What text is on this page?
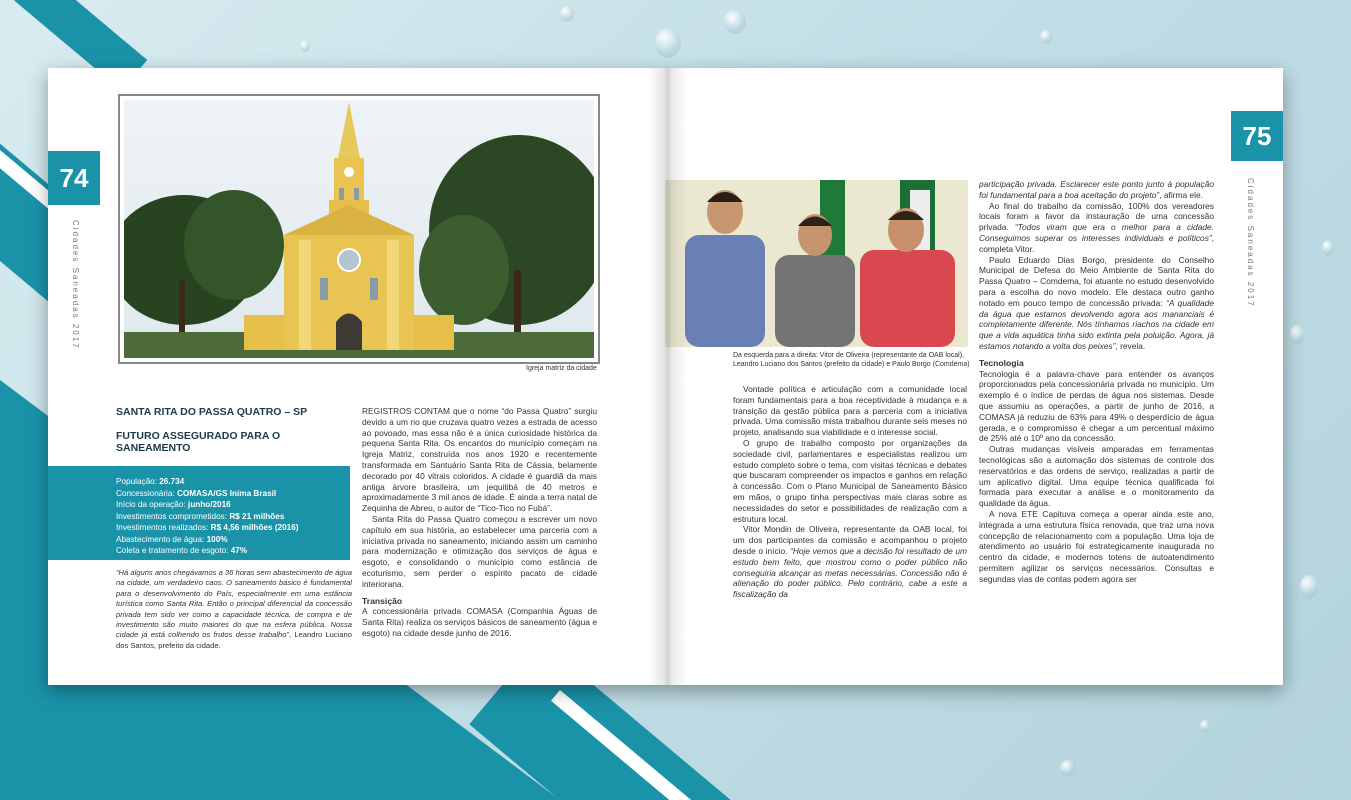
74
Cidades Saneadas 2017
Igreja matriz da cidade
SANTA RITA DO PASSA QUATRO – SP
FUTURO ASSEGURADO PARA O SANEAMENTO
População: 26.734
Concessionária: COMASA/GS Inima Brasil
Início da operação: junho/2016
Investimentos comprometidos: R$ 21 milhões
Investimentos realizados: R$ 4,56 milhões (2016)
Abastecimento de água: 100%
Coleta e tratamento de esgoto: 47%
“Há alguns anos chegávamos a 36 horas sem abastecimento de água na cidade, um verdadeiro caos. O saneamento básico é fundamental para o desenvolvimento do País, especialmente em uma estância turística como Santa Rita. Então o principal diferencial da concessão privada tem sido ver como a capacidade técnica, de compra e de investimento são muito maiores do que na esfera pública. Nossa cidade já está colhendo os frutos desse trabalho”, Leandro Luciano dos Santos, prefeito da cidade.

REGISTROS CONTAM que o nome “do Passa Quatro” surgiu devido a um rio que cruzava quatro vezes a estrada de acesso ao povoado, mas essa não é a única curiosidade histórica da pequena Santa Rita. Os encantos do município começam na Igreja Matriz, construída nos anos 1920 e recentemente transformada em Santuário Santa Rita de Cássia, belamente decorado por 40 vitrais coloridos. A cidade é guardiã da mais antiga árvore brasileira, um jequitibá de 40 metros e aproximadamente 3 mil anos de idade. É ainda a terra natal de Zequinha de Abreu, o autor de “Tico-Tico no Fubá”.

Santa Rita do Passa Quatro começou a escrever um novo capítulo em sua história, ao estabelecer uma parceria com a iniciativa privada no saneamento, iniciando assim um caminho para modernização e otimização dos serviços de água e esgoto, e consolidando o município como estância de ecoturismo, sem perder o espírito pacato de cidade interiorana.

Transição

A concessionária privada COMASA (Companhia Águas de Santa Rita) realiza os serviços básicos de saneamento (água e esgoto) na cidade desde junho de 2016.

75
Cidades Saneadas 2017
Da esquerda para a direita: Vitor de Oliveira (representante da OAB local),
Leandro Luciano dos Santos (prefeito da cidade) e Paulo Borgo (Comdema)

Vontade política e articulação com a comunidade local foram fundamentais para a boa receptividade à mudança e a transição da gestão pública para a parceria com a iniciativa privada. Uma comissão mista trabalhou durante seis meses no projeto, analisando sua viabilidade e o interesse social.

O grupo de trabalho composto por organizações da sociedade civil, parlamentares e especialistas realizou um estudo completo sobre o tema, com visitas técnicas e debates que buscaram compreender os impactos e ganhos em relação à concessão. Com o Plano Municipal de Saneamento Básico em mãos, o grupo tinha perspectivas mais claras sobre as necessidades do setor e possibilidades de realização com a estrutura local.

Vitor Mondin de Oliveira, representante da OAB local, foi um dos participantes da comissão e acompanhou o projeto desde o início. “Hoje vemos que a decisão foi resultado de um estudo bem feito, que mostrou como o poder público não conseguiria alcançar as metas necessárias. Concessão não é alienação do poder público. Pelo contrário, cabe a este a fiscalização da

participação privada. Esclarecer este ponto junto à população foi fundamental para a boa aceitação do projeto”, afirma ele.

Ao final do trabalho da comissão, 100% dos vereadores locais foram a favor da instauração de uma concessão privada. “Todos viram que era o melhor para a cidade. Conseguimos superar os interesses individuais e políticos”, completa Vitor.

Paulo Eduardo Dias Borgo, presidente do Conselho Municipal de Defesa do Meio Ambiente de Santa Rita do Passa Quatro – Comdema, foi atuante no estudo desenvolvido para a escolha do novo modelo. Ele destaca outro ganho notado em pouco tempo de concessão privada: “A qualidade da água que estamos devolvendo agora aos mananciais é completamente diferente. Nós tínhamos riachos na cidade em que a vida aquática tinha sido extinta pela poluição. Agora, já estamos notando a volta dos peixes”, revela.

Tecnologia

Tecnologia é a palavra-chave para entender os avanços proporcionados pela concessionária privada no município. Um exemplo é o índice de perdas de água nos sistemas. Desde que assumiu as operações, a partir de junho de 2016, a COMASA já reduziu de 63% para 49% o desperdício de água gerada, e o compromisso é chegar a um percentual máximo de 25% até o 10º ano da concessão.

Outras mudanças visíveis amparadas em ferramentas tecnológicas são a automação dos sistemas de controle dos reservatórios e das ordens de serviço, realizadas a partir de um aplicativo digital. Uma equipe técnica qualificada foi formada para executar a análise e o monitoramento da qualidade da água.

A nova ETE Capituva começa a operar ainda este ano, integrada a uma estrutura física renovada, que traz uma nova concepção de relacionamento com a população. Uma loja de atendimento ao usuário foi estrategicamente inaugurada no centro da cidade, e modernos totens de autoatendimento permitem agilizar os serviços necessários. Consultas e segundas vias de contas podem agora ser
